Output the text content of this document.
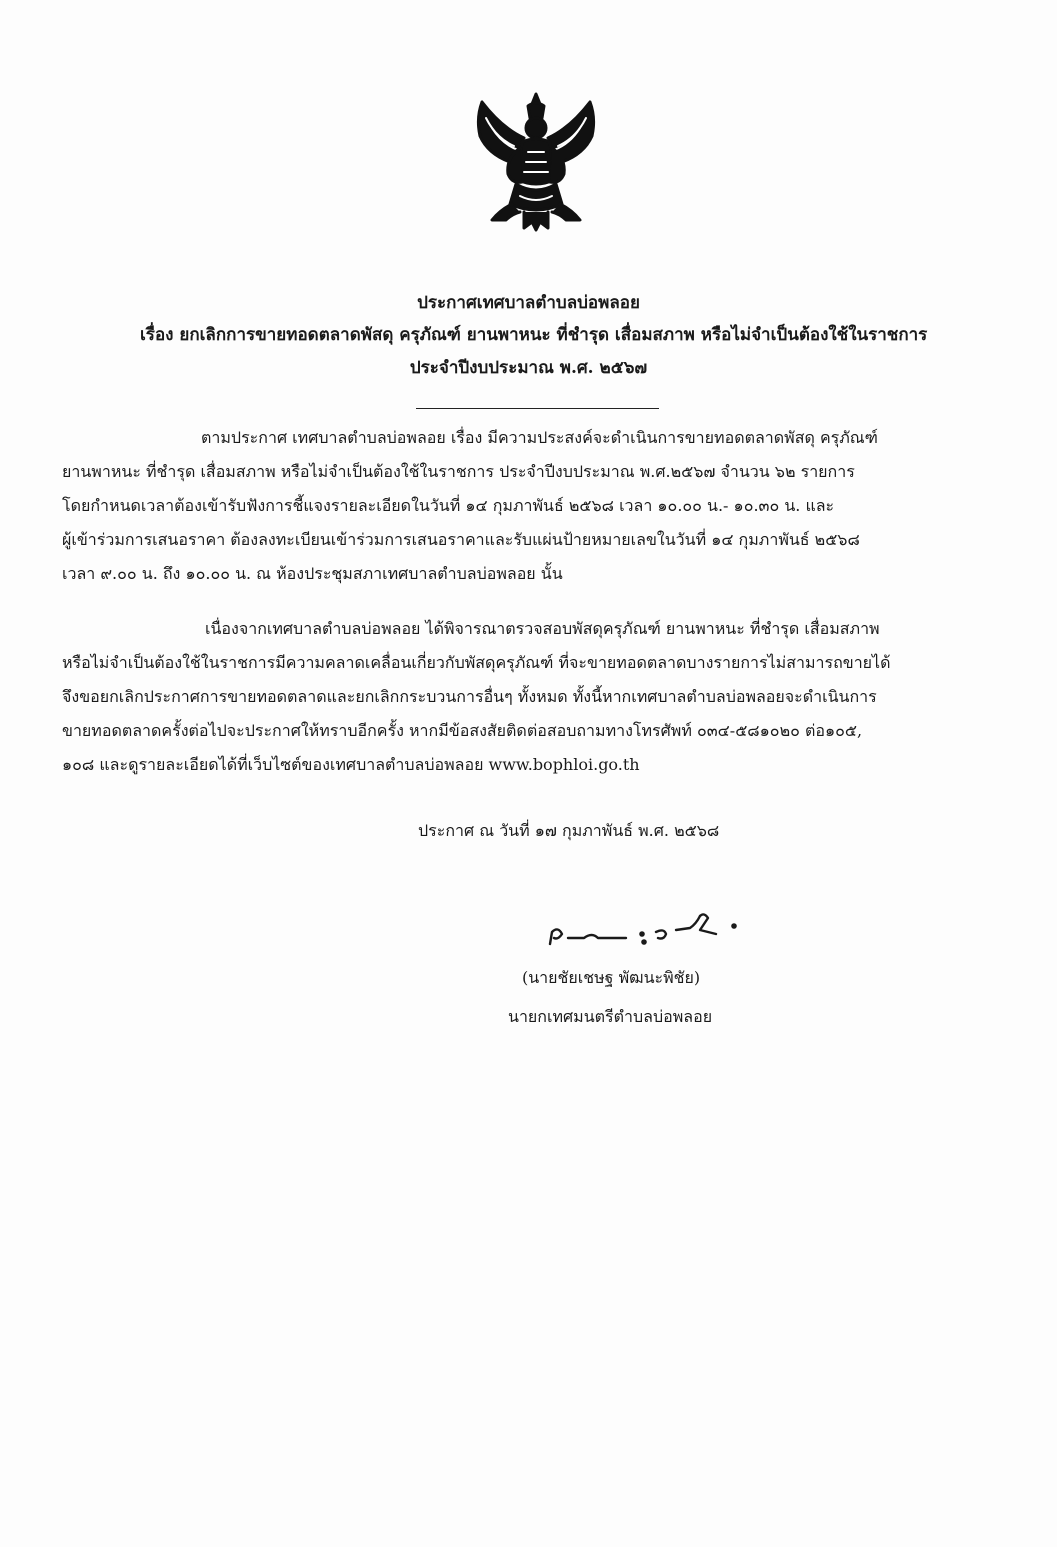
ประกาศเทศบาลตำบลบ่อพลอย
เรื่อง ยกเลิกการขายทอดตลาดพัสดุ ครุภัณฑ์ ยานพาหนะ ที่ชำรุด เสื่อมสภาพ หรือไม่จำเป็นต้องใช้ในราชการ
ประจำปีงบประมาณ พ.ศ. ๒๕๖๗
ตามประกาศ เทศบาลตำบลบ่อพลอย เรื่อง มีความประสงค์จะดำเนินการขายทอดตลาดพัสดุ ครุภัณฑ์
ยานพาหนะ ที่ชำรุด เสื่อมสภาพ หรือไม่จำเป็นต้องใช้ในราชการ ประจำปีงบประมาณ พ.ศ.๒๕๖๗ จำนวน ๖๒ รายการ
โดยกำหนดเวลาต้องเข้ารับฟังการชี้แจงรายละเอียดในวันที่ ๑๔ กุมภาพันธ์ ๒๕๖๘ เวลา ๑๐.๐๐ น.- ๑๐.๓๐ น. และ
ผู้เข้าร่วมการเสนอราคา ต้องลงทะเบียนเข้าร่วมการเสนอราคาและรับแผ่นป้ายหมายเลขในวันที่ ๑๔ กุมภาพันธ์ ๒๕๖๘
เวลา ๙.๐๐ น. ถึง ๑๐.๐๐ น. ณ ห้องประชุมสภาเทศบาลตำบลบ่อพลอย นั้น
เนื่องจากเทศบาลตำบลบ่อพลอย ได้พิจารณาตรวจสอบพัสดุครุภัณฑ์ ยานพาหนะ ที่ชำรุด เสื่อมสภาพ
หรือไม่จำเป็นต้องใช้ในราชการมีความคลาดเคลื่อนเกี่ยวกับพัสดุครุภัณฑ์ ที่จะขายทอดตลาดบางรายการไม่สามารถขายได้
จึงขอยกเลิกประกาศการขายทอดตลาดและยกเลิกกระบวนการอื่นๆ ทั้งหมด ทั้งนี้หากเทศบาลตำบลบ่อพลอยจะดำเนินการ
ขายทอดตลาดครั้งต่อไปจะประกาศให้ทราบอีกครั้ง หากมีข้อสงสัยติดต่อสอบถามทางโทรศัพท์ ๐๓๔-๕๘๑๐๒๐ ต่อ๑๐๕,
๑๐๘ และดูรายละเอียดได้ที่เว็บไซต์ของเทศบาลตำบลบ่อพลอย www.bophloi.go.th
ประกาศ ณ วันที่ ๑๗ กุมภาพันธ์ พ.ศ. ๒๕๖๘
(นายชัยเชษฐ พัฒนะพิชัย)
นายกเทศมนตรีตำบลบ่อพลอย
